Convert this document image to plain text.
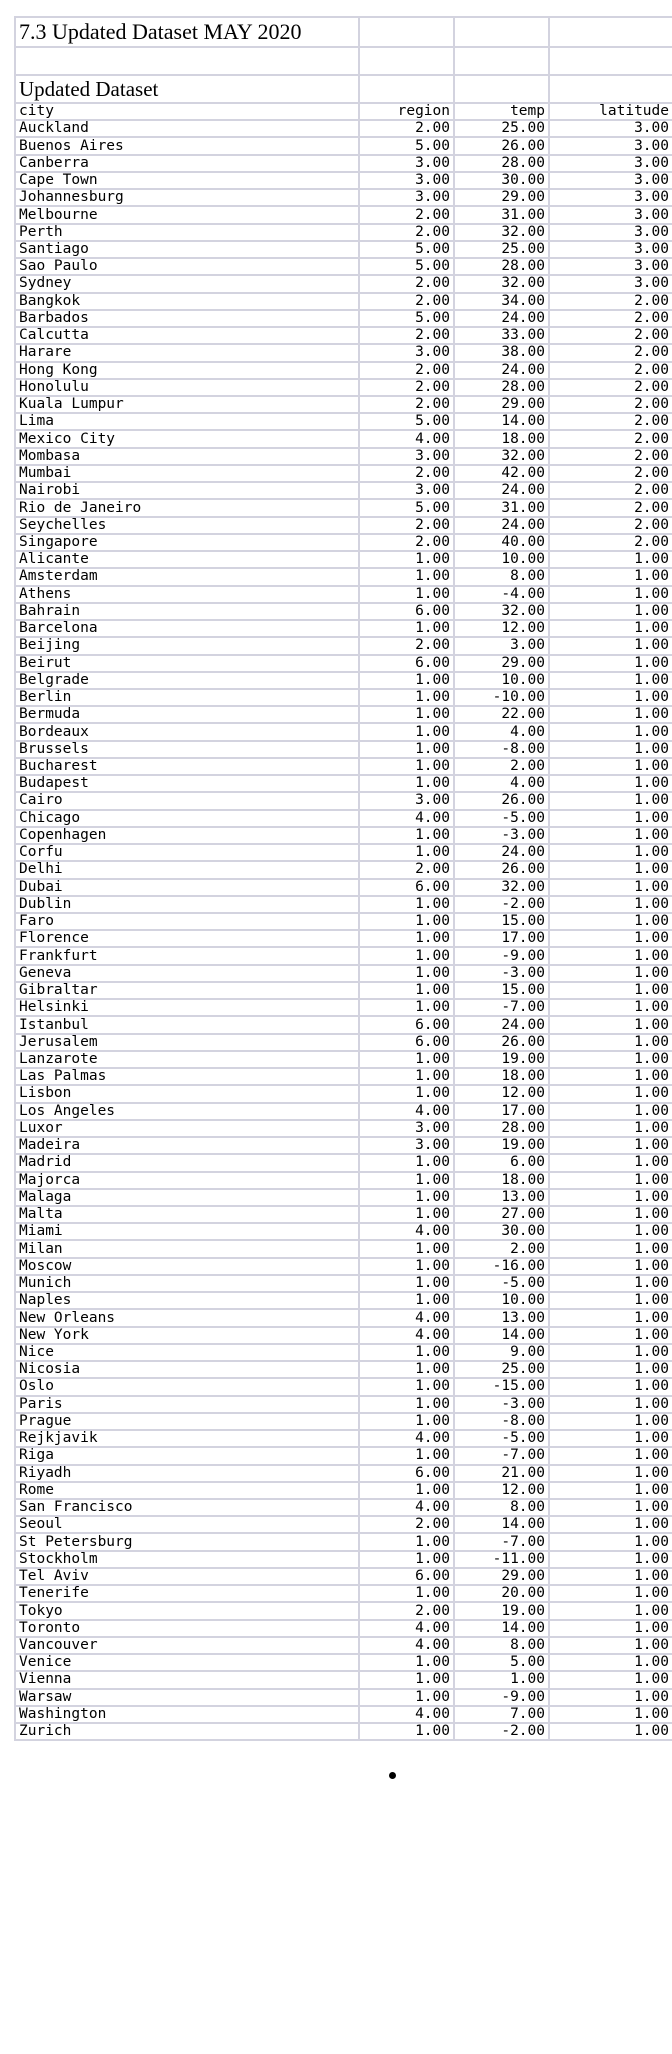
7.3 Updated Dataset MAY 2020			

Updated Dataset			
city	region	temp	latitude
Auckland	2.00	25.00	3.00
Buenos Aires	5.00	26.00	3.00
Canberra	3.00	28.00	3.00
Cape Town	3.00	30.00	3.00
Johannesburg	3.00	29.00	3.00
Melbourne	2.00	31.00	3.00
Perth	2.00	32.00	3.00
Santiago	5.00	25.00	3.00
Sao Paulo	5.00	28.00	3.00
Sydney	2.00	32.00	3.00
Bangkok	2.00	34.00	2.00
Barbados	5.00	24.00	2.00
Calcutta	2.00	33.00	2.00
Harare	3.00	38.00	2.00
Hong Kong	2.00	24.00	2.00
Honolulu	2.00	28.00	2.00
Kuala Lumpur	2.00	29.00	2.00
Lima	5.00	14.00	2.00
Mexico City	4.00	18.00	2.00
Mombasa	3.00	32.00	2.00
Mumbai	2.00	42.00	2.00
Nairobi	3.00	24.00	2.00
Rio de Janeiro	5.00	31.00	2.00
Seychelles	2.00	24.00	2.00
Singapore	2.00	40.00	2.00
Alicante	1.00	10.00	1.00
Amsterdam	1.00	8.00	1.00
Athens	1.00	-4.00	1.00
Bahrain	6.00	32.00	1.00
Barcelona	1.00	12.00	1.00
Beijing	2.00	3.00	1.00
Beirut	6.00	29.00	1.00
Belgrade	1.00	10.00	1.00
Berlin	1.00	-10.00	1.00
Bermuda	1.00	22.00	1.00
Bordeaux	1.00	4.00	1.00
Brussels	1.00	-8.00	1.00
Bucharest	1.00	2.00	1.00
Budapest	1.00	4.00	1.00
Cairo	3.00	26.00	1.00
Chicago	4.00	-5.00	1.00
Copenhagen	1.00	-3.00	1.00
Corfu	1.00	24.00	1.00
Delhi	2.00	26.00	1.00
Dubai	6.00	32.00	1.00
Dublin	1.00	-2.00	1.00
Faro	1.00	15.00	1.00
Florence	1.00	17.00	1.00
Frankfurt	1.00	-9.00	1.00
Geneva	1.00	-3.00	1.00
Gibraltar	1.00	15.00	1.00
Helsinki	1.00	-7.00	1.00
Istanbul	6.00	24.00	1.00
Jerusalem	6.00	26.00	1.00
Lanzarote	1.00	19.00	1.00
Las Palmas	1.00	18.00	1.00
Lisbon	1.00	12.00	1.00
Los Angeles	4.00	17.00	1.00
Luxor	3.00	28.00	1.00
Madeira	3.00	19.00	1.00
Madrid	1.00	6.00	1.00
Majorca	1.00	18.00	1.00
Malaga	1.00	13.00	1.00
Malta	1.00	27.00	1.00
Miami	4.00	30.00	1.00
Milan	1.00	2.00	1.00
Moscow	1.00	-16.00	1.00
Munich	1.00	-5.00	1.00
Naples	1.00	10.00	1.00
New Orleans	4.00	13.00	1.00
New York	4.00	14.00	1.00
Nice	1.00	9.00	1.00
Nicosia	1.00	25.00	1.00
Oslo	1.00	-15.00	1.00
Paris	1.00	-3.00	1.00
Prague	1.00	-8.00	1.00
Rejkjavik	4.00	-5.00	1.00
Riga	1.00	-7.00	1.00
Riyadh	6.00	21.00	1.00
Rome	1.00	12.00	1.00
San Francisco	4.00	8.00	1.00
Seoul	2.00	14.00	1.00
St Petersburg	1.00	-7.00	1.00
Stockholm	1.00	-11.00	1.00
Tel Aviv	6.00	29.00	1.00
Tenerife	1.00	20.00	1.00
Tokyo	2.00	19.00	1.00
Toronto	4.00	14.00	1.00
Vancouver	4.00	8.00	1.00
Venice	1.00	5.00	1.00
Vienna	1.00	1.00	1.00
Warsaw	1.00	-9.00	1.00
Washington	4.00	7.00	1.00
Zurich	1.00	-2.00	1.00
